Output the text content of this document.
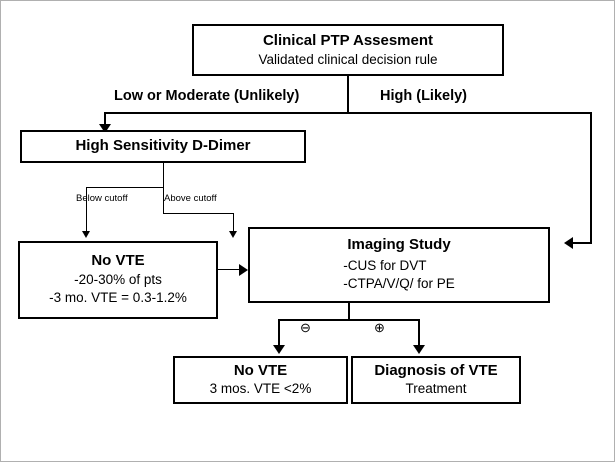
Clinical PTP Assesment
Validated clinical decision rule
Low or Moderate (Unlikely)	High (Likely)
High Sensitivity D-Dimer
Below cutoff	Above cutoff
No VTE
-20-30% of pts
-3 mo. VTE = 0.3-1.2%
Imaging Study
-CUS for DVT
-CTPA/V/Q/ for PE
⊖	⊕
No VTE
3 mos. VTE <2%
Diagnosis of VTE
Treatment
